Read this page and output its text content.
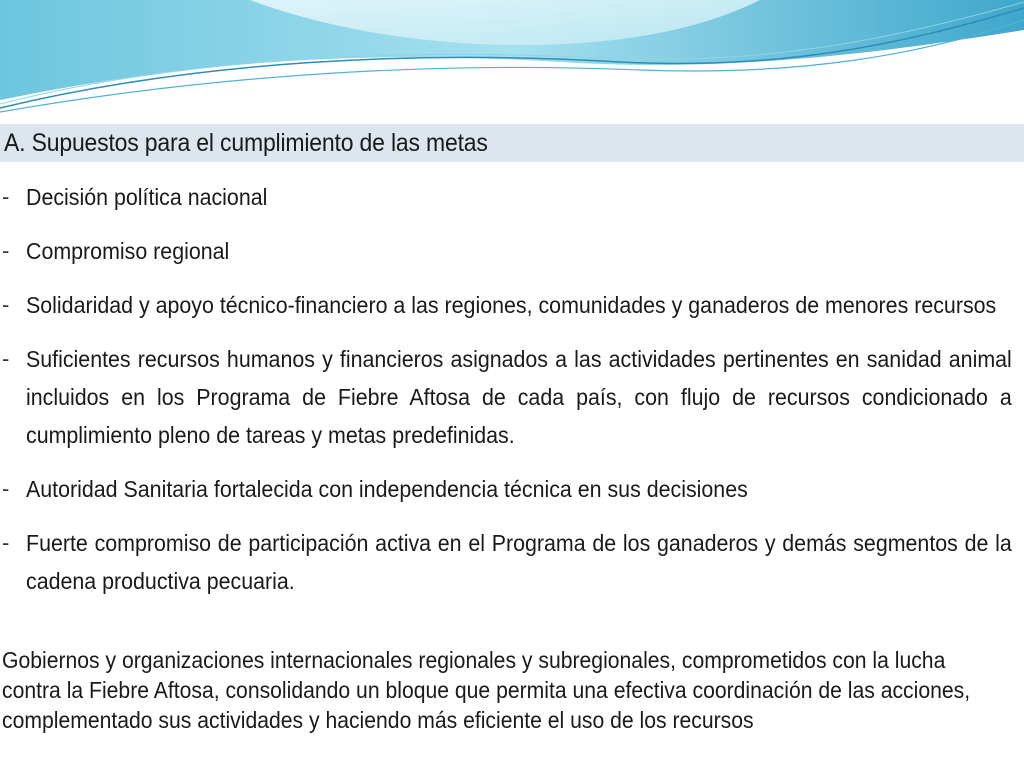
A. Supuestos para el cumplimiento de las metas
- Decisión política nacional
- Compromiso regional
- Solidaridad y apoyo técnico-financiero a las regiones, comunidades y ganaderos de menores recursos
- Suficientes recursos humanos y financieros asignados a las actividades pertinentes en sanidad animal incluidos en los Programa de Fiebre Aftosa de cada país, con flujo de recursos condicionado a cumplimiento pleno de tareas y metas predefinidas.
- Autoridad Sanitaria fortalecida con independencia técnica en sus decisiones
- Fuerte compromiso de participación activa en el Programa de los ganaderos y demás segmentos de la cadena productiva pecuaria.
Gobiernos y organizaciones internacionales regionales y subregionales, comprometidos con la lucha contra la Fiebre Aftosa, consolidando un bloque que permita una efectiva coordinación de las acciones, complementado sus actividades y haciendo más eficiente el uso de los recursos
